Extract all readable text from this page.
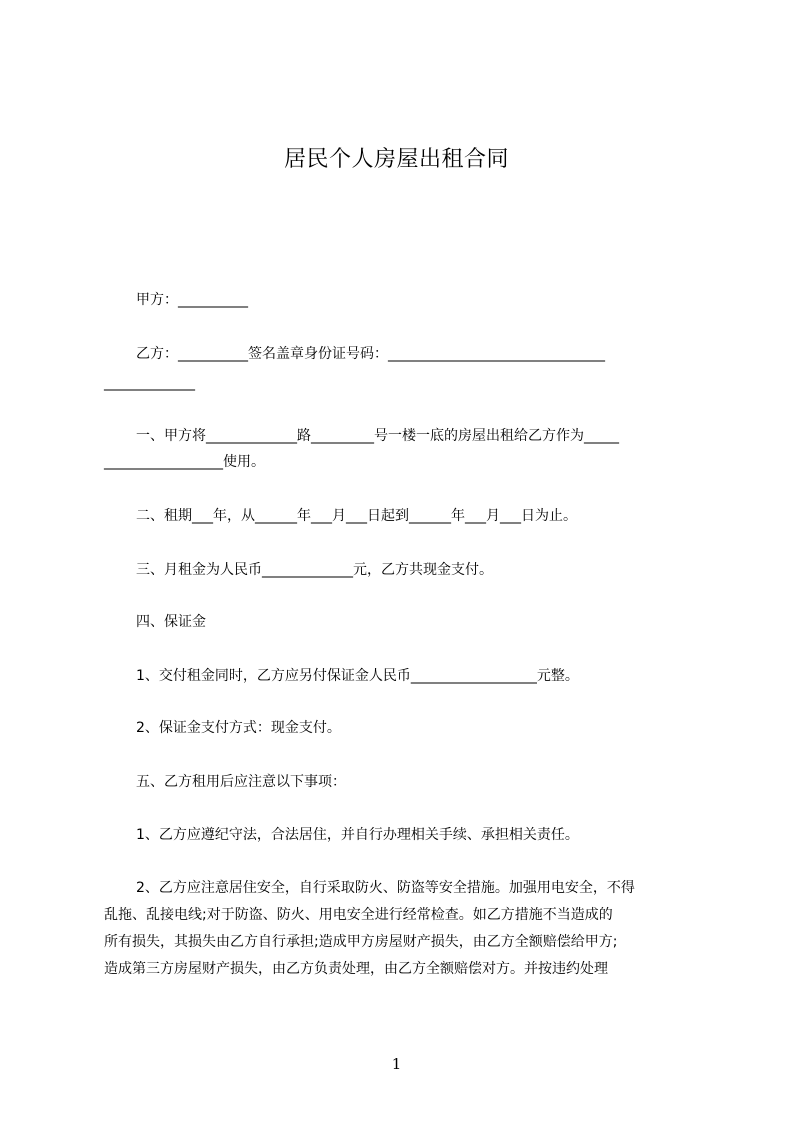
居民个人房屋出租合同
甲方：__________
乙方：__________签名盖章身份证号码：_______________________________
_____________
一、甲方将_____________路_________号一楼一底的房屋出租给乙方作为_____
_________________使用。
二、租期___年，从______年___月___日起到______年___月___日为止。
三、月租金为人民币_____________元，乙方共现金支付。
四、保证金
1、交付租金同时，乙方应另付保证金人民币__________________元整。
2、保证金支付方式：现金支付。
五、乙方租用后应注意以下事项：
1、乙方应遵纪守法，合法居住，并自行办理相关手续、承担相关责任。
2、乙方应注意居住安全，自行采取防火、防盗等安全措施。加强用电安全，不得
乱拖、乱接电线;对于防盗、防火、用电安全进行经常检查。如乙方措施不当造成的
所有损失，其损失由乙方自行承担;造成甲方房屋财产损失，由乙方全额赔偿给甲方;
造成第三方房屋财产损失，由乙方负责处理，由乙方全额赔偿对方。并按违约处理
1
